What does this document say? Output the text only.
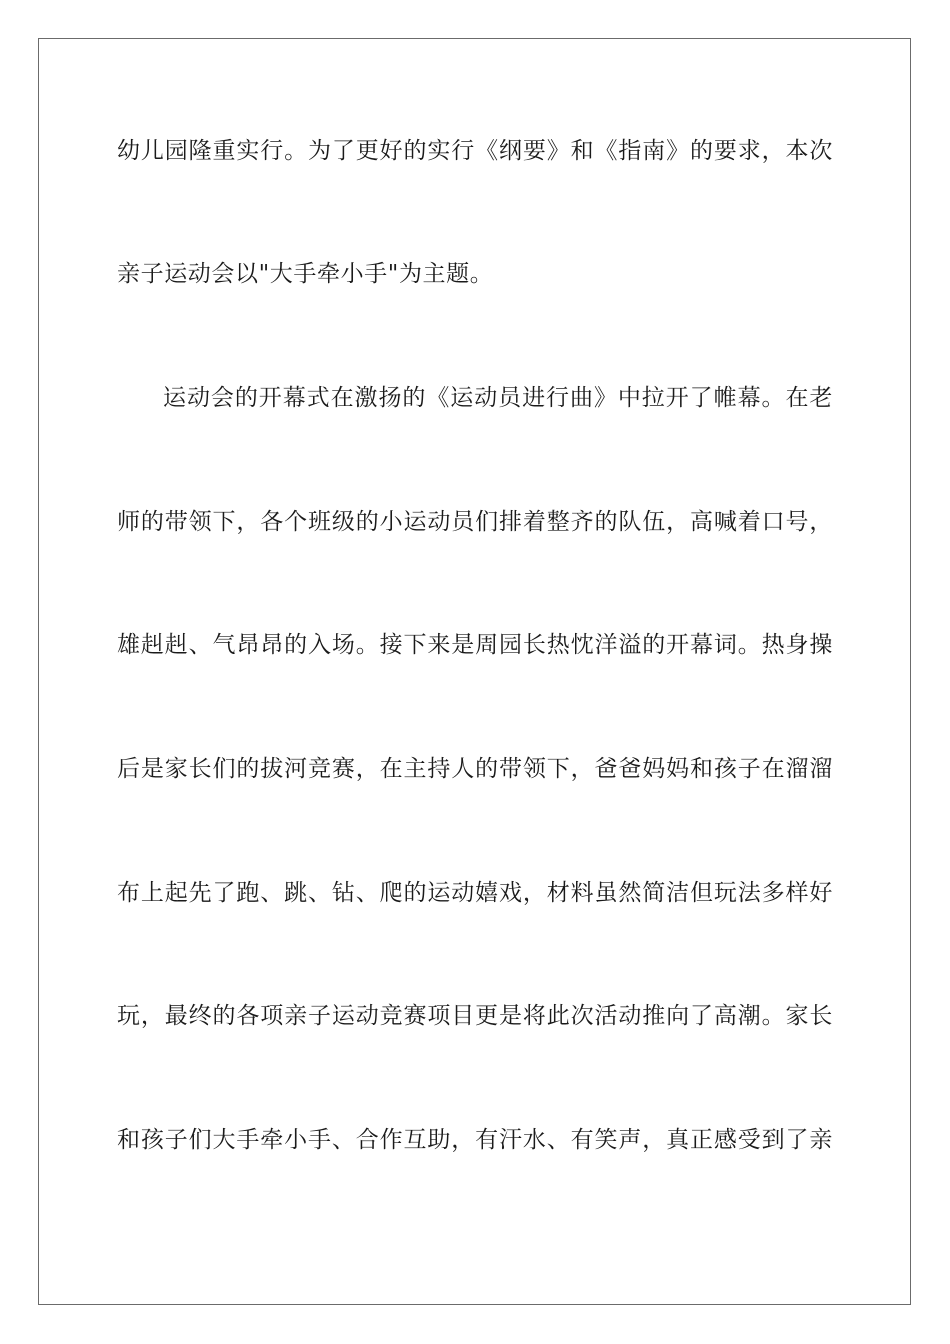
幼儿园隆重实行。为了更好的实行《纲要》和《指南》的要求，本次
亲子运动会以"大手牵小手"为主题。
运动会的开幕式在激扬的《运动员进行曲》中拉开了帷幕。在老
师的带领下，各个班级的小运动员们排着整齐的队伍，高喊着口号，
雄赳赳、气昂昂的入场。接下来是周园长热忱洋溢的开幕词。热身操
后是家长们的拔河竞赛，在主持人的带领下，爸爸妈妈和孩子在溜溜
布上起先了跑、跳、钻、爬的运动嬉戏，材料虽然简洁但玩法多样好
玩，最终的各项亲子运动竞赛项目更是将此次活动推向了高潮。家长
和孩子们大手牵小手、合作互助，有汗水、有笑声，真正感受到了亲
